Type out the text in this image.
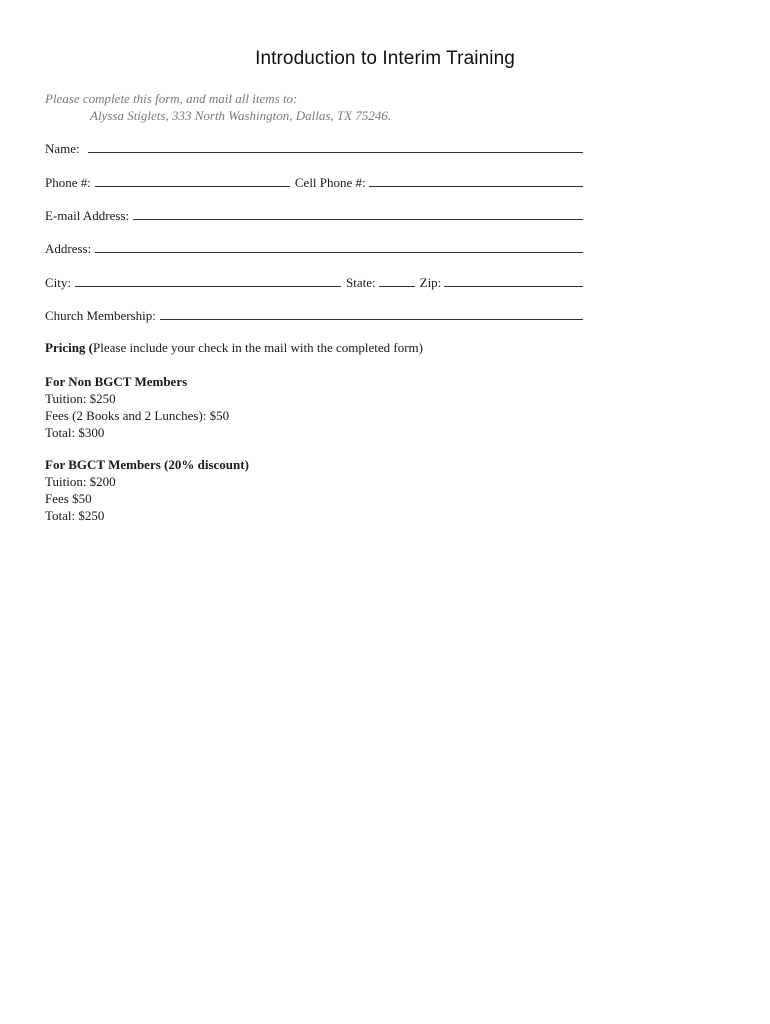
Introduction to Interim Training
Please complete this form, and mail all items to:
Alyssa Stiglets, 333 North Washington, Dallas, TX 75246.
Name:
Phone #:	Cell Phone #:
E-mail Address:
Address:
City:	State:	Zip:
Church Membership:
Pricing (Please include your check in the mail with the completed form)
For Non BGCT Members
Tuition: $250
Fees (2 Books and 2 Lunches): $50
Total: $300
For BGCT Members (20% discount)
Tuition: $200
Fees $50
Total: $250
